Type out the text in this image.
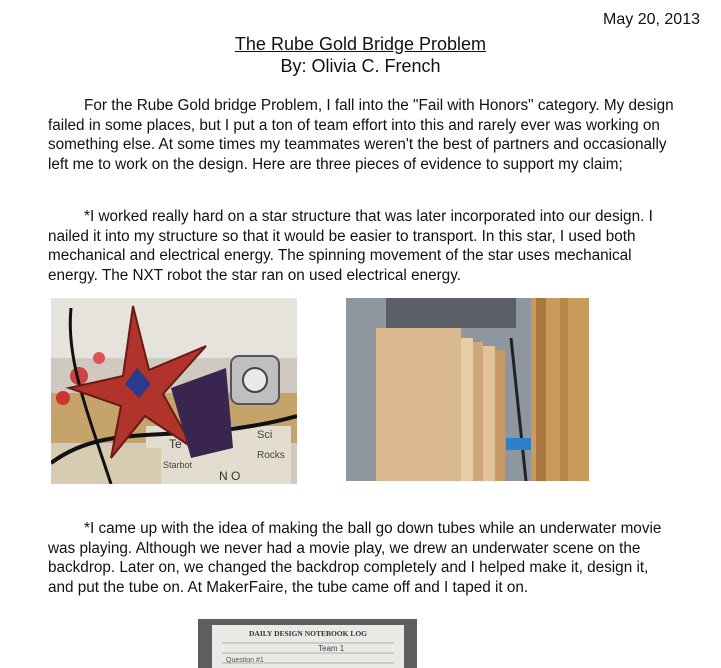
May 20, 2013
The Rube Gold Bridge Problem
By: Olivia C. French

For the Rube Gold bridge Problem, I fall into the "Fail with Honors" category. My design failed in some places, but I put a ton of team effort into this and rarely ever was working on something else. At some times my teammates weren't the best of partners and occasionally left me to work on the design. Here are three pieces of evidence to support my claim;

*I worked really hard on a star structure that was later incorporated into our design. I nailed it into my structure so that it would be easier to transport. In this star, I used both mechanical and electrical energy. The spinning movement of the star uses mechanical energy. The NXT robot the star ran on used electrical energy.

Te
Sci
Rocks
Starbot
N O

*I came up with the idea of making the ball go down tubes while an underwater movie was playing. Although we never had a movie play, we drew an underwater scene on the backdrop. Later on, we changed the backdrop completely and I helped make it, design it, and put the tube on. At MakerFaire, the tube came off and I taped it on.

DAILY DESIGN NOTEBOOK LOG
Team 1
Question #1
